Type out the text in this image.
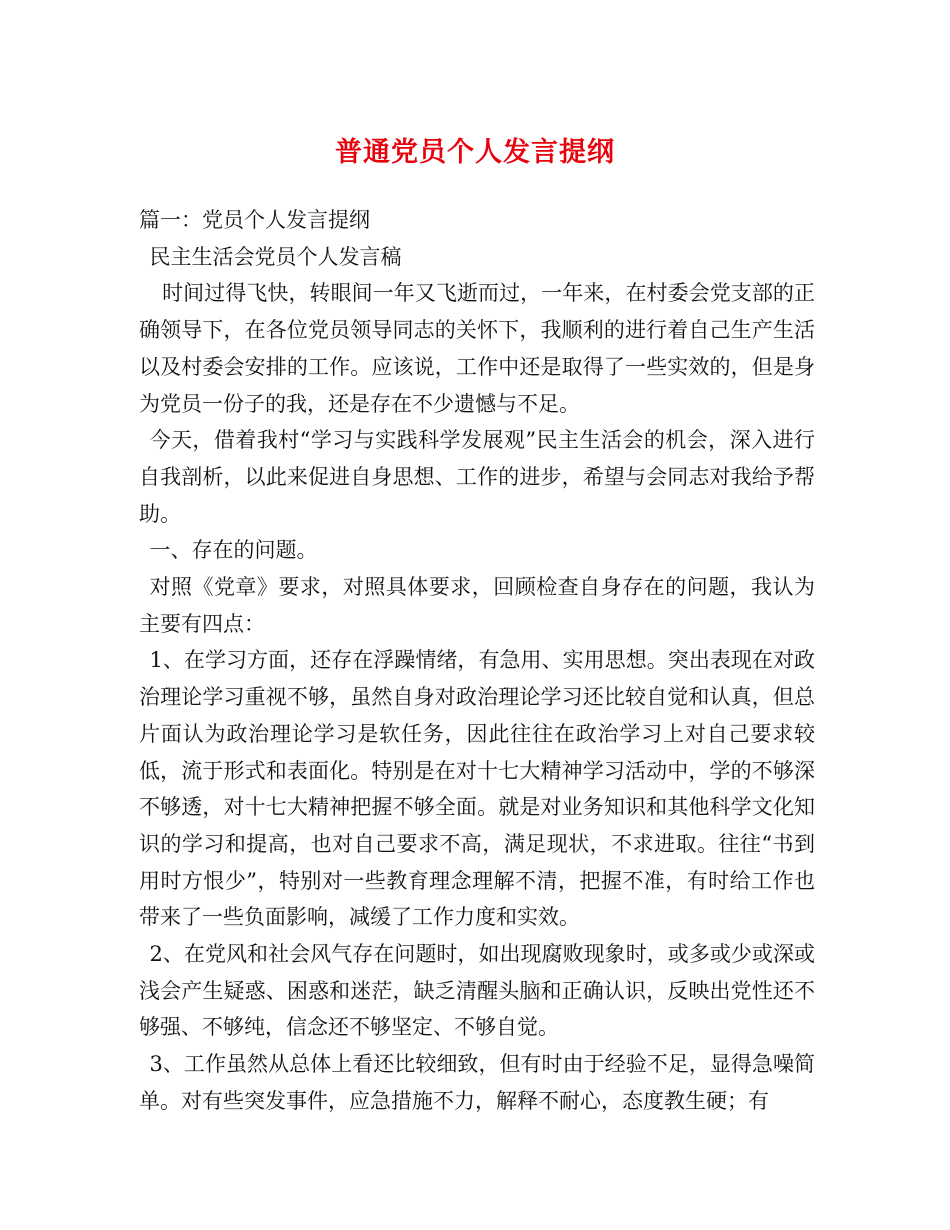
普通党员个人发言提纲

篇一：党员个人发言提纲

民主生活会党员个人发言稿

时间过得飞快，转眼间一年又飞逝而过，一年来，在村委会党支部的正确领导下，在各位党员领导同志的关怀下，我顺利的进行着自己生产生活以及村委会安排的工作。应该说，工作中还是取得了一些实效的，但是身为党员一份子的我，还是存在不少遗憾与不足。

今天，借着我村“学习与实践科学发展观”民主生活会的机会，深入进行自我剖析，以此来促进自身思想、工作的进步，希望与会同志对我给予帮助。

一、存在的问题。

对照《党章》要求，对照具体要求，回顾检查自身存在的问题，我认为主要有四点：

1、在学习方面，还存在浮躁情绪，有急用、实用思想。突出表现在对政治理论学习重视不够，虽然自身对政治理论学习还比较自觉和认真，但总片面认为政治理论学习是软任务，因此往往在政治学习上对自己要求较低，流于形式和表面化。特别是在对十七大精神学习活动中，学的不够深不够透，对十七大精神把握不够全面。就是对业务知识和其他科学文化知识的学习和提高，也对自己要求不高，满足现状，不求进取。往往“书到用时方恨少”，特别对一些教育理念理解不清，把握不准，有时给工作也带来了一些负面影响，减缓了工作力度和实效。

2、在党风和社会风气存在问题时，如出现腐败现象时，或多或少或深或浅会产生疑惑、困惑和迷茫，缺乏清醒头脑和正确认识，反映出党性还不够强、不够纯，信念还不够坚定、不够自觉。

3、工作虽然从总体上看还比较细致，但有时由于经验不足，显得急噪简单。对有些突发事件，应急措施不力，解释不耐心，态度教生硬；有
